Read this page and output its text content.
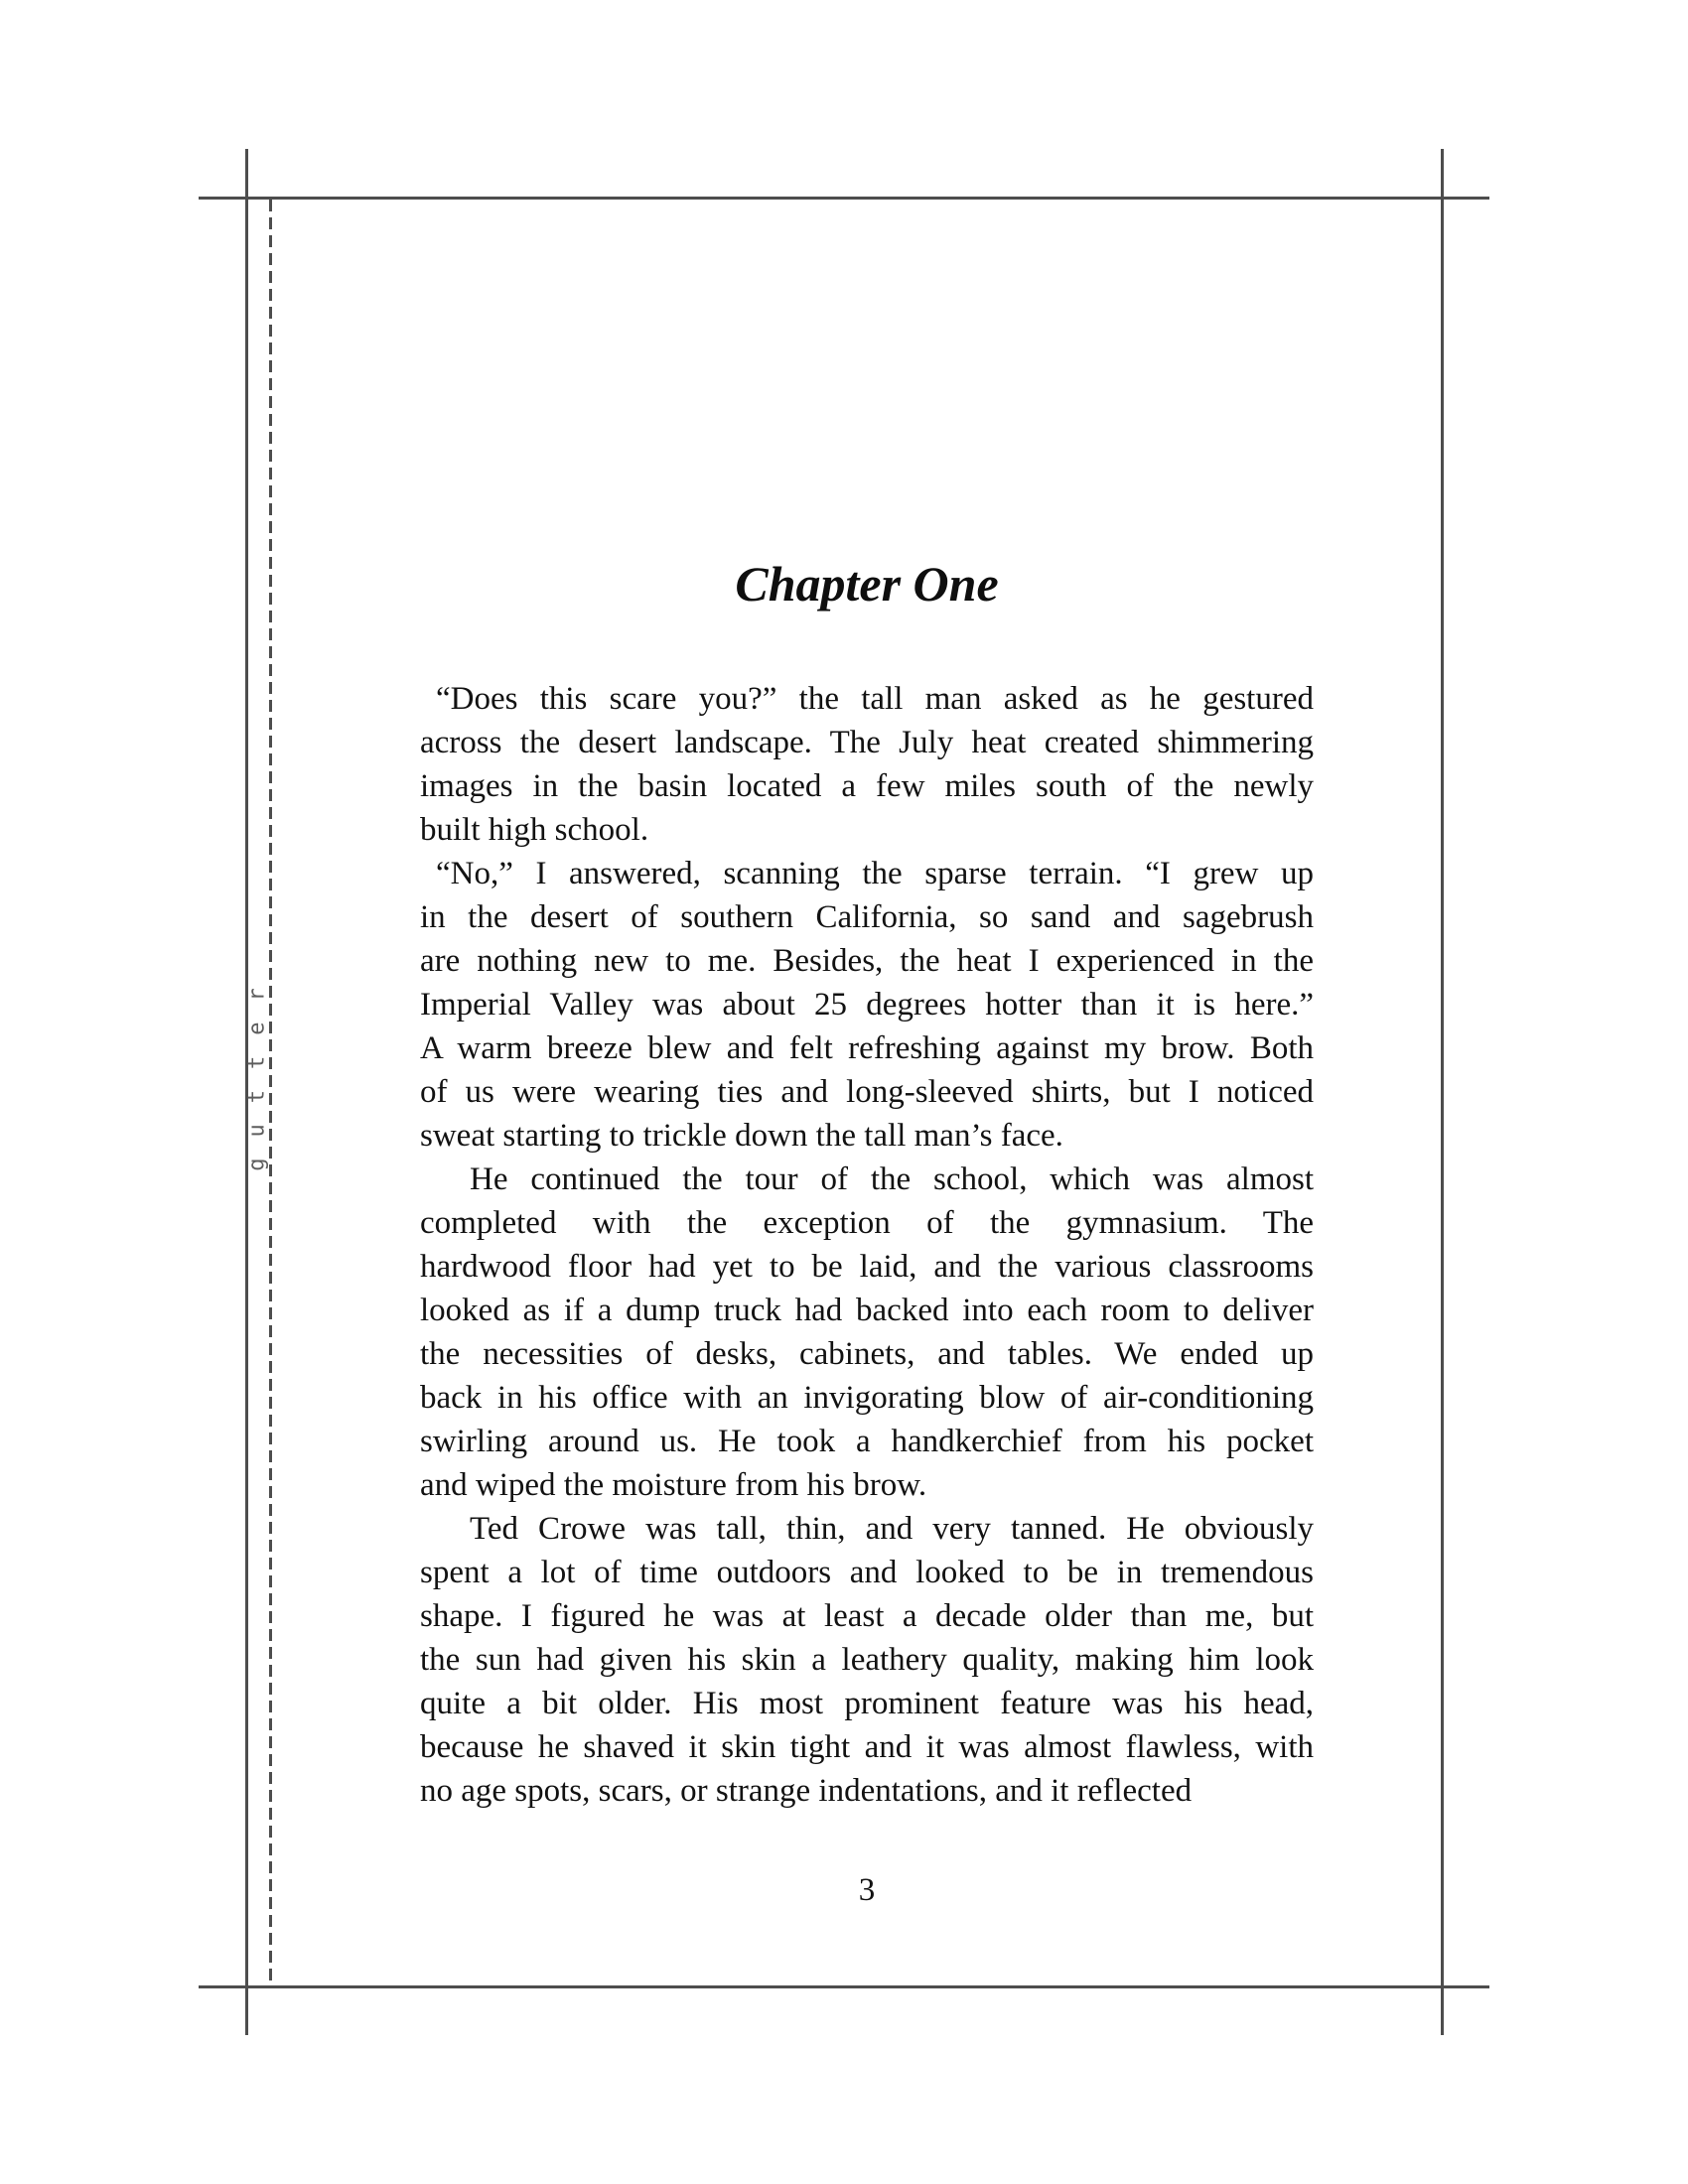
gutter
Chapter One
“Does this scare you?” the tall man asked as he gestured
across the desert landscape. The July heat created shimmering
images in the basin located a few miles south of the newly
built high school.
“No,” I answered, scanning the sparse terrain. “I grew up
in the desert of southern California, so sand and sagebrush
are nothing new to me. Besides, the heat I experienced in the
Imperial Valley was about 25 degrees hotter than it is here.”
A warm breeze blew and felt refreshing against my brow. Both
of us were wearing ties and long-sleeved shirts, but I noticed
sweat starting to trickle down the tall man’s face.
He continued the tour of the school, which was almost
completed with the exception of the gymnasium. The
hardwood floor had yet to be laid, and the various classrooms
looked as if a dump truck had backed into each room to deliver
the necessities of desks, cabinets, and tables. We ended up
back in his office with an invigorating blow of air-conditioning
swirling around us. He took a handkerchief from his pocket
and wiped the moisture from his brow.
Ted Crowe was tall, thin, and very tanned. He obviously
spent a lot of time outdoors and looked to be in tremendous
shape. I figured he was at least a decade older than me, but
the sun had given his skin a leathery quality, making him look
quite a bit older. His most prominent feature was his head,
because he shaved it skin tight and it was almost flawless, with
no age spots, scars, or strange indentations, and it reflected
3
